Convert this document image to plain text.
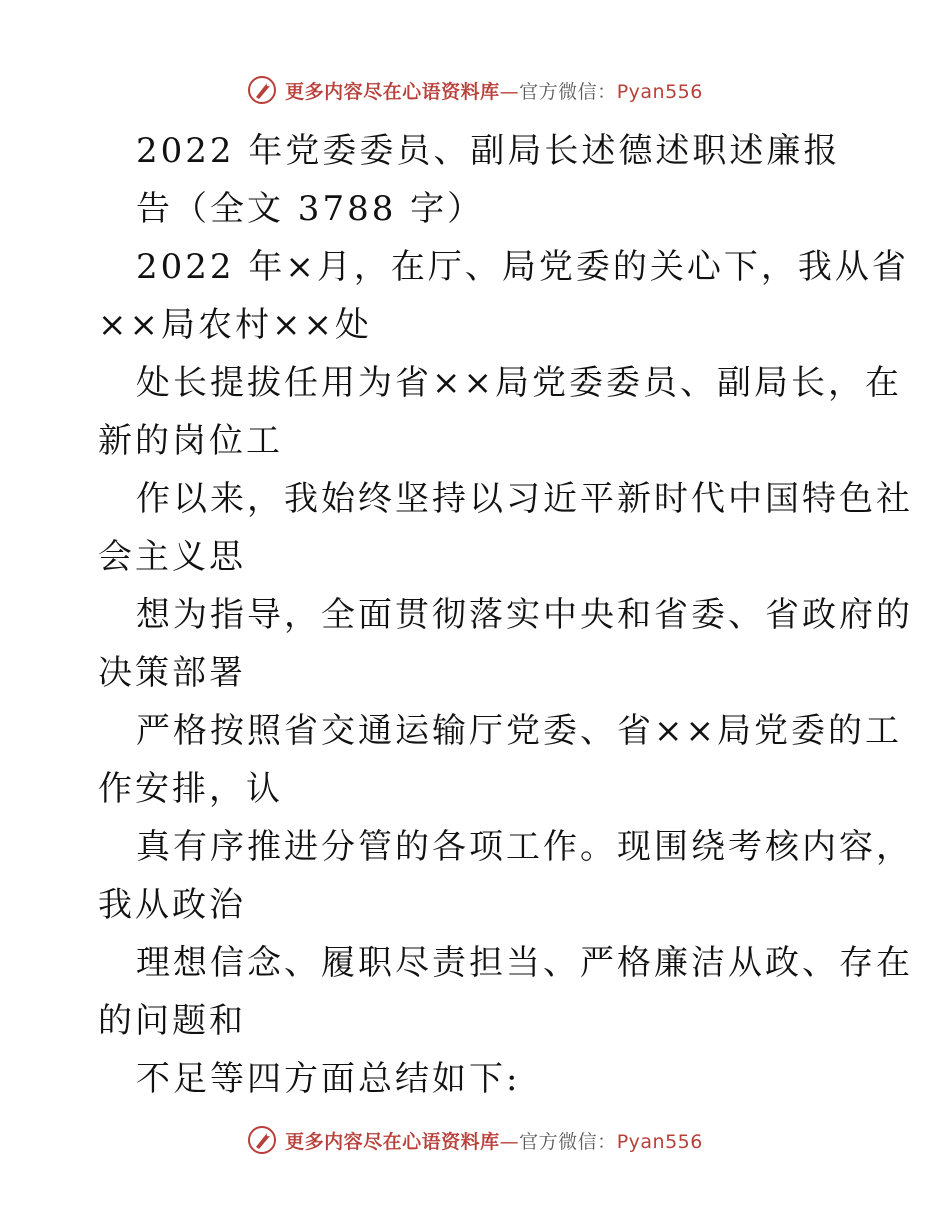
更多内容尽在心语资料库—官方微信：Pyan556
2022 年党委委员、副局长述德述职述廉报
告（全文 3788 字）
2022 年×月，在厅、局党委的关心下，我从省
××局农村××处
处长提拔任用为省××局党委委员、副局长，在
新的岗位工
作以来，我始终坚持以习近平新时代中国特色社
会主义思
想为指导，全面贯彻落实中央和省委、省政府的
决策部署
严格按照省交通运输厅党委、省××局党委的工
作安排，认
真有序推进分管的各项工作。现围绕考核内容，
我从政治
理想信念、履职尽责担当、严格廉洁从政、存在
的问题和
不足等四方面总结如下:
更多内容尽在心语资料库—官方微信：Pyan556
